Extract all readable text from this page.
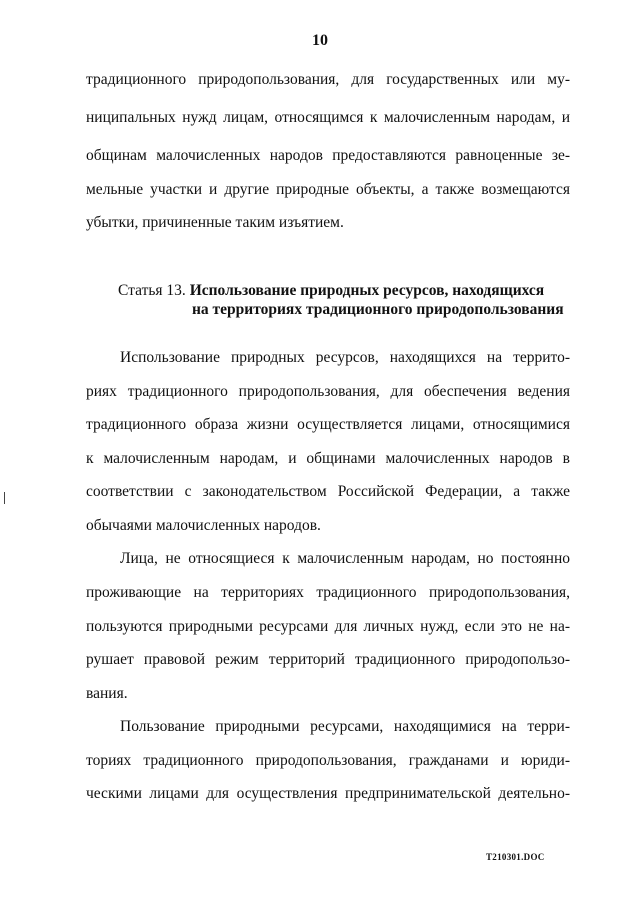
10
традиционного природопользования, для государственных или му-
ниципальных нужд лицам, относящимся к малочисленным народам, и
общинам малочисленных народов предоставляются равноценные зе-
мельные участки и другие природные объекты, а также возмещаются
убытки, причиненные таким изъятием.
Статья 13. Использование природных ресурсов, находящихся
на территориях традиционного природопользования
Использование природных ресурсов, находящихся на террито-
риях традиционного природопользования, для обеспечения ведения
традиционного образа жизни осуществляется лицами, относящимися
к малочисленным народам, и общинами малочисленных народов в
соответствии с законодательством Российской Федерации, а также
обычаями малочисленных народов.
Лица, не относящиеся к малочисленным народам, но постоянно
проживающие на территориях традиционного природопользования,
пользуются природными ресурсами для личных нужд, если это не на-
рушает правовой режим территорий традиционного природопользо-
вания.
Пользование природными ресурсами, находящимися на терри-
ториях традиционного природопользования, гражданами и юриди-
ческими лицами для осуществления предпринимательской деятельно-
T210301.DOC
